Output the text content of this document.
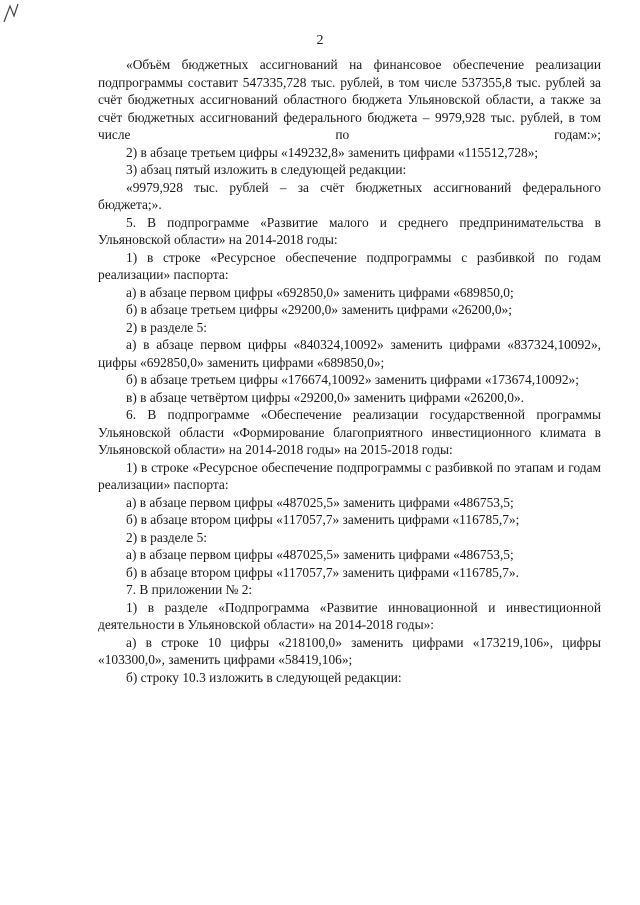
2

«Объём бюджетных ассигнований на финансовое обеспечение реализации подпрограммы составит 547335,728 тыс. рублей, в том числе 537355,8 тыс. рублей за счёт бюджетных ассигнований областного бюджета Ульяновской области, а также за счёт бюджетных ассигнований федерального бюджета – 9979,928 тыс. рублей, в том числе по годам:»;

2) в абзаце третьем цифры «149232,8» заменить цифрами «115512,728»;

3) абзац пятый изложить в следующей редакции:

«9979,928 тыс. рублей – за счёт бюджетных ассигнований федерального бюджета;».

5. В подпрограмме «Развитие малого и среднего предпринимательства в Ульяновской области» на 2014-2018 годы:

1) в строке «Ресурсное обеспечение подпрограммы с разбивкой по годам реализации» паспорта:

а) в абзаце первом цифры «692850,0» заменить цифрами «689850,0;

б) в абзаце третьем цифры «29200,0» заменить цифрами «26200,0»;

2) в разделе 5:

а) в абзаце первом цифры «840324,10092» заменить цифрами «837324,10092», цифры «692850,0» заменить цифрами «689850,0»;

б) в абзаце третьем цифры «176674,10092» заменить цифрами «173674,10092»;

в) в абзаце четвёртом цифры «29200,0» заменить цифрами «26200,0».

6. В подпрограмме «Обеспечение реализации государственной программы Ульяновской области «Формирование благоприятного инвестиционного климата в Ульяновской области» на 2014-2018 годы» на 2015-2018 годы:

1) в строке «Ресурсное обеспечение подпрограммы с разбивкой по этапам и годам реализации» паспорта:

а) в абзаце первом цифры «487025,5» заменить цифрами «486753,5;

б) в абзаце втором цифры «117057,7» заменить цифрами «116785,7»;

2) в разделе 5:

а) в абзаце первом цифры «487025,5» заменить цифрами «486753,5;

б) в абзаце втором цифры «117057,7» заменить цифрами «116785,7».

7. В приложении № 2:

1) в разделе «Подпрограмма «Развитие инновационной и инвестиционной деятельности в Ульяновской области» на 2014-2018 годы»:

а) в строке 10 цифры «218100,0» заменить цифрами «173219,106», цифры «103300,0», заменить цифрами «58419,106»;

б) строку 10.3 изложить в следующей редакции:
